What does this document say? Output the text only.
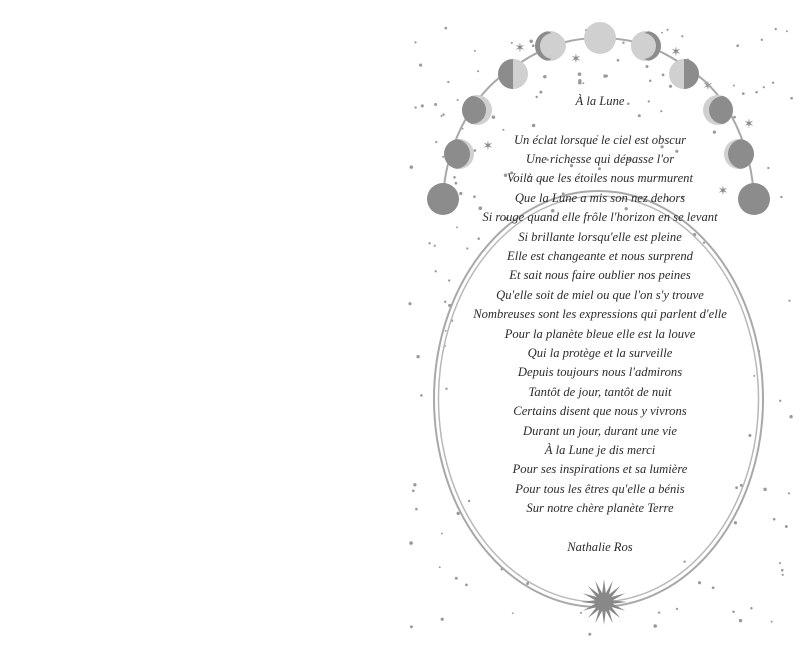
✶
✶	✶
✶
✶
✶
✶
À la Lune
Un éclat lorsque le ciel est obscur
Une richesse qui dépasse l'or
Voilà que les étoiles nous murmurent
Que la Lune a mis son nez dehors
Si rouge quand elle frôle l'horizon en se levant
Si brillante lorsqu'elle est pleine
Elle est changeante et nous surprend
Et sait nous faire oublier nos peines
Qu'elle soit de miel ou que l'on s'y trouve
Nombreuses sont les expressions qui parlent d'elle
Pour la planète bleue elle est la louve
Qui la protège et la surveille
Depuis toujours nous l'admirons
Tantôt de jour, tantôt de nuit
Certains disent que nous y vivrons
Durant un jour, durant une vie
À la Lune je dis merci
Pour ses inspirations et sa lumière
Pour tous les êtres qu'elle a bénis
Sur notre chère planète Terre
Nathalie Ros
